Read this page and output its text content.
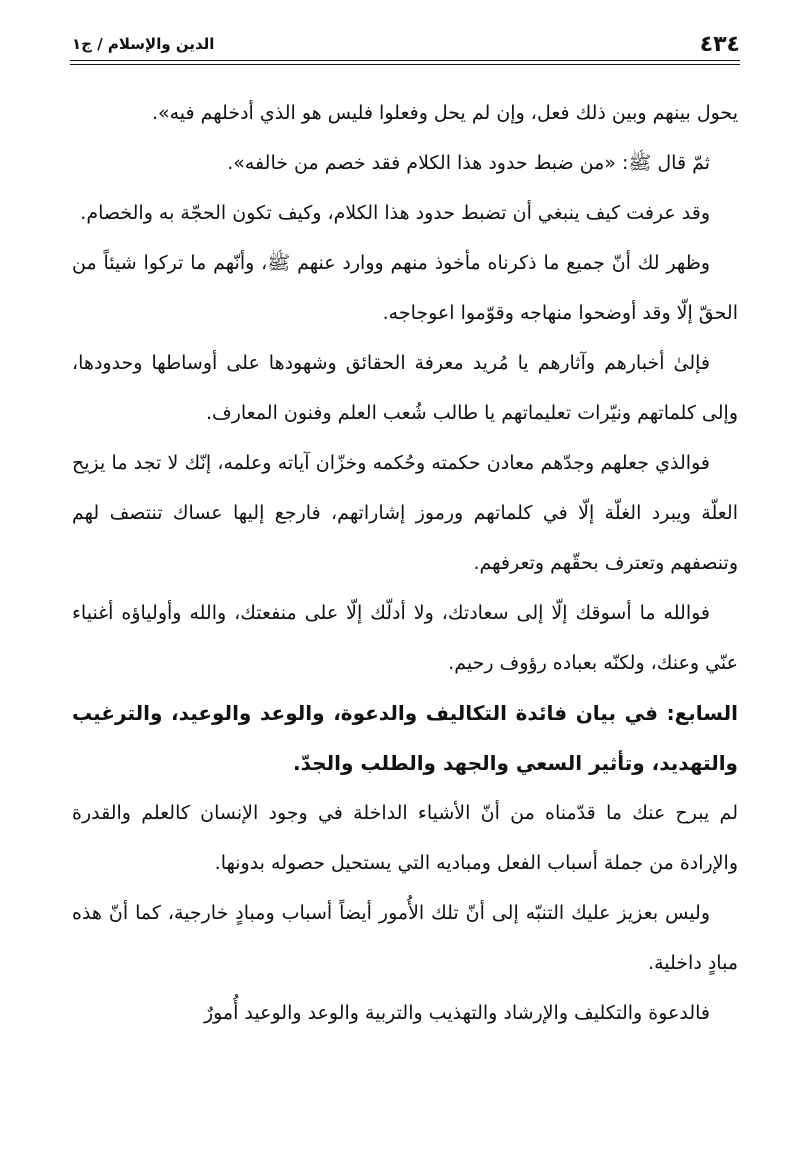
٤٣٤
الدين والإسلام / ج١

يحول بينهم وبين ذلك فعل، وإن لم يحل وفعلوا فليس هو الذي أدخلهم فيه».

ثمّ قال ﷺ: «من ضبط حدود هذا الكلام فقد خصم من خالفه».

وقد عرفت كيف ينبغي أن تضبط حدود هذا الكلام، وكيف تكون الحجّة به والخصام.

وظهر لك أنّ جميع ما ذكرناه مأخوذ منهم ووارد عنهم ﷺ، وأنّهم ما تركوا شيئاً من الحقّ إلّا وقد أوضحوا منهاجه وقوّموا اعوجاجه.

فإلىٰ أخبارهم وآثارهم يا مُريد معرفة الحقائق وشهودها على أوساطها وحدودها، وإلى كلماتهم ونيّرات تعليماتهم يا طالب شُعب العلم وفنون المعارف.

فوالذي جعلهم وجدّهم معادن حكمته وحُكمه وخزّان آياته وعلمه، إنّك لا تجد ما يزيح العلّة ويبرد الغلّة إلّا في كلماتهم ورموز إشاراتهم، فارجع إليها عساك تنتصف لهم وتنصفهم وتعترف بحقّهم وتعرفهم.

فوالله ما أسوقك إلّا إلى سعادتك، ولا أدلّك إلّا على منفعتك، والله وأولياؤه أغنياء عنّي وعنك، ولكنّه بعباده رؤوف رحيم.

السابع: في بيان فائدة التكاليف والدعوة، والوعد والوعيد، والترغيب والتهديد، وتأثير السعي والجهد والطلب والجدّ.

لم يبرح عنك ما قدّمناه من أنّ الأشياء الداخلة في وجود الإنسان كالعلم والقدرة والإرادة من جملة أسباب الفعل ومباديه التي يستحيل حصوله بدونها.

وليس بعزيز عليك التنبّه إلى أنّ تلك الأُمور أيضاً أسباب ومبادٍ خارجية، كما أنّ هذه مبادٍ داخلية.

فالدعوة والتكليف والإرشاد والتهذيب والتربية والوعد والوعيد أُمورٌ
